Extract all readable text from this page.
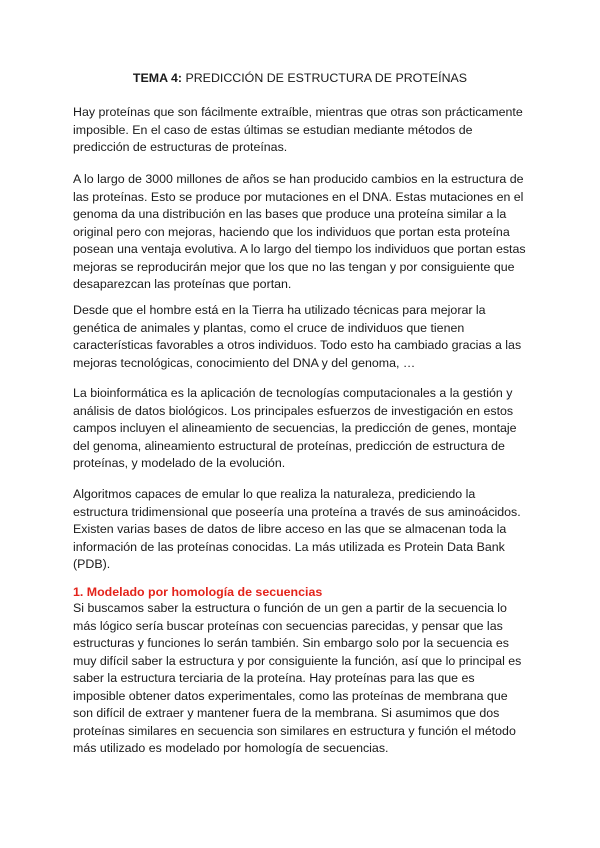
TEMA 4: PREDICCIÓN DE ESTRUCTURA DE PROTEÍNAS

Hay proteínas que son fácilmente extraíble, mientras que otras son prácticamente imposible. En el caso de estas últimas se estudian mediante métodos de predicción de estructuras de proteínas.

A lo largo de 3000 millones de años se han producido cambios en la estructura de las proteínas. Esto se produce por mutaciones en el DNA. Estas mutaciones en el genoma da una distribución en las bases que produce una proteína similar a la original pero con mejoras, haciendo que los individuos que portan esta proteína posean una ventaja evolutiva. A lo largo del tiempo los individuos que portan estas mejoras se reproducirán mejor que los que no las tengan y por consiguiente que desaparezcan las proteínas que portan.

Desde que el hombre está en la Tierra ha utilizado técnicas para mejorar la genética de animales y plantas, como el cruce de individuos que tienen características favorables a otros individuos. Todo esto ha cambiado gracias a las mejoras tecnológicas, conocimiento del DNA y del genoma, …

La bioinformática es la aplicación de tecnologías computacionales a la gestión y análisis de datos biológicos. Los principales esfuerzos de investigación en estos campos incluyen el alineamiento de secuencias, la predicción de genes, montaje del genoma, alineamiento estructural de proteínas, predicción de estructura de proteínas, y modelado de la evolución.

Algoritmos capaces de emular lo que realiza la naturaleza, prediciendo la estructura tridimensional que poseería una proteína a través de sus aminoácidos.
Existen varias bases de datos de libre acceso en las que se almacenan toda la información de las proteínas conocidas. La más utilizada es Protein Data Bank (PDB).

1. Modelado por homología de secuencias

Si buscamos saber la estructura o función de un gen a partir de la secuencia lo más lógico sería buscar proteínas con secuencias parecidas, y pensar que las estructuras y funciones lo serán también. Sin embargo solo por la secuencia es muy difícil saber la estructura y por consiguiente la función, así que lo principal es saber la estructura terciaria de la proteína. Hay proteínas para las que es imposible obtener datos experimentales, como las proteínas de membrana que son difícil de extraer y mantener fuera de la membrana. Si asumimos que dos proteínas similares en secuencia son similares en estructura y función el método más utilizado es modelado por homología de secuencias.
